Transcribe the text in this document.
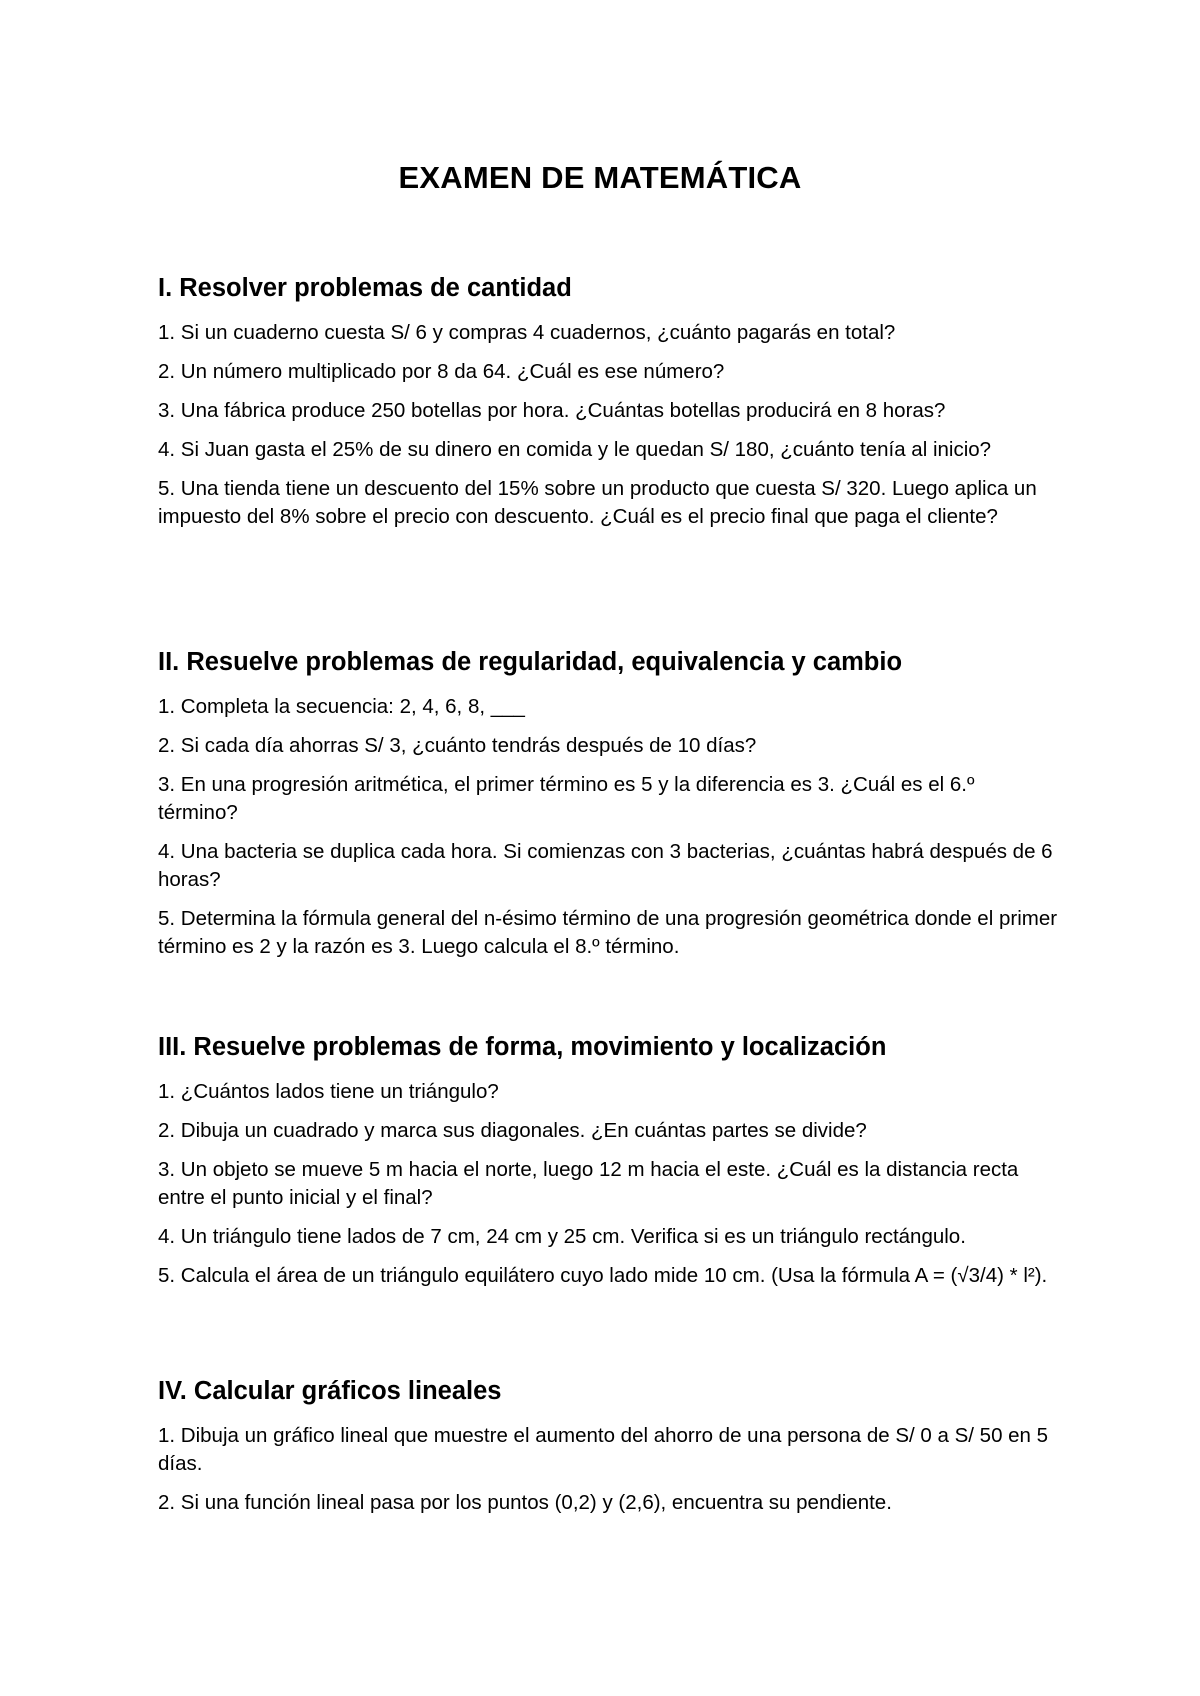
EXAMEN DE MATEMÁTICA
I. Resolver problemas de cantidad

1. Si un cuaderno cuesta S/ 6 y compras 4 cuadernos, ¿cuánto pagarás en total?

2. Un número multiplicado por 8 da 64. ¿Cuál es ese número?

3. Una fábrica produce 250 botellas por hora. ¿Cuántas botellas producirá en 8 horas?

4. Si Juan gasta el 25% de su dinero en comida y le quedan S/ 180, ¿cuánto tenía al inicio?

5. Una tienda tiene un descuento del 15% sobre un producto que cuesta S/ 320. Luego aplica un impuesto del 8% sobre el precio con descuento. ¿Cuál es el precio final que paga el cliente?

II. Resuelve problemas de regularidad, equivalencia y cambio

1. Completa la secuencia: 2, 4, 6, 8, ___

2. Si cada día ahorras S/ 3, ¿cuánto tendrás después de 10 días?

3. En una progresión aritmética, el primer término es 5 y la diferencia es 3. ¿Cuál es el 6.º término?

4. Una bacteria se duplica cada hora. Si comienzas con 3 bacterias, ¿cuántas habrá después de 6 horas?

5. Determina la fórmula general del n-ésimo término de una progresión geométrica donde el primer término es 2 y la razón es 3. Luego calcula el 8.º término.

III. Resuelve problemas de forma, movimiento y localización

1. ¿Cuántos lados tiene un triángulo?

2. Dibuja un cuadrado y marca sus diagonales. ¿En cuántas partes se divide?

3. Un objeto se mueve 5 m hacia el norte, luego 12 m hacia el este. ¿Cuál es la distancia recta entre el punto inicial y el final?

4. Un triángulo tiene lados de 7 cm, 24 cm y 25 cm. Verifica si es un triángulo rectángulo.

5. Calcula el área de un triángulo equilátero cuyo lado mide 10 cm. (Usa la fórmula A = (√3/4) * l²).

IV. Calcular gráficos lineales

1. Dibuja un gráfico lineal que muestre el aumento del ahorro de una persona de S/ 0 a S/ 50 en 5 días.

2. Si una función lineal pasa por los puntos (0,2) y (2,6), encuentra su pendiente.
